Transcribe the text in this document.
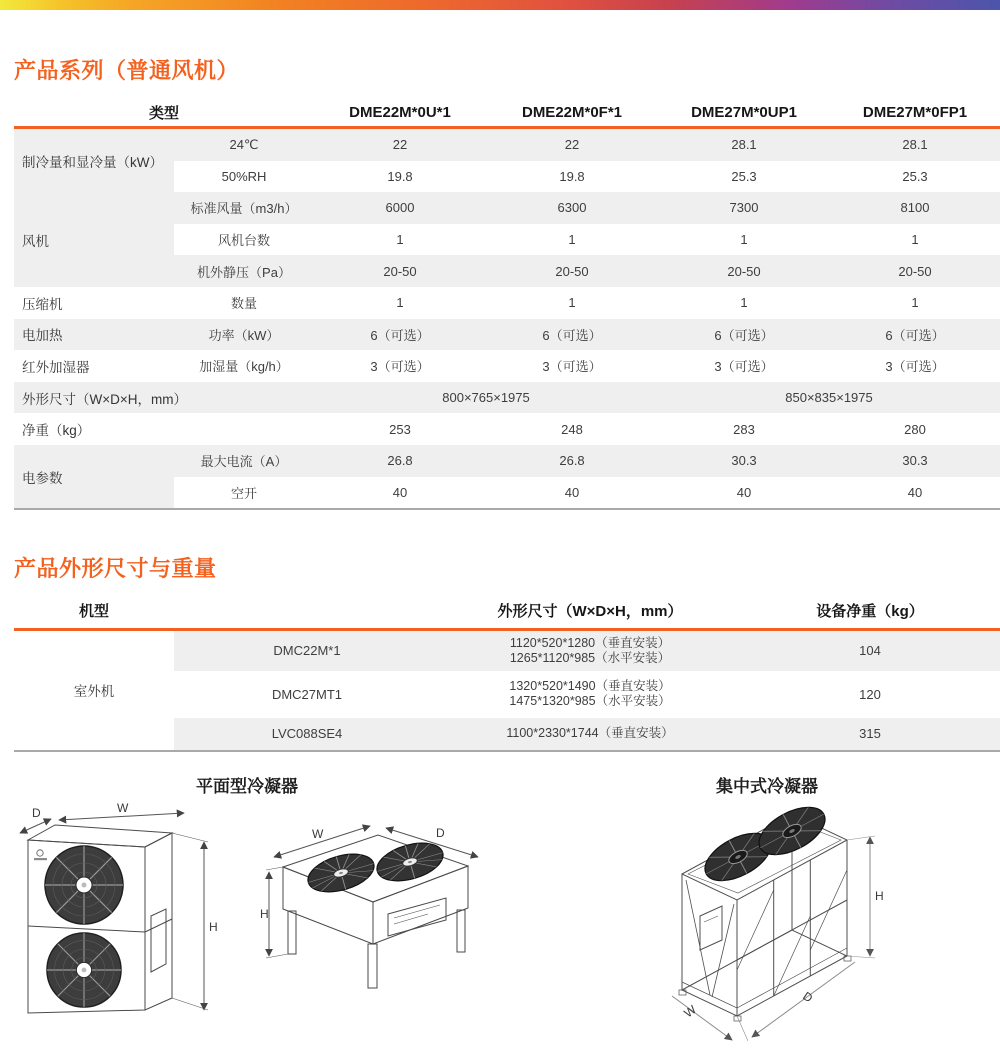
产品系列（普通风机）
类型		DME22M*0U*1	DME22M*0F*1	DME27M*0UP1	DME27M*0FP1
制冷量和显冷量（kW）	24℃	22	22	28.1	28.1
	50%RH	19.8	19.8	25.3	25.3
风机	标准风量（m3/h）	6000	6300	7300	8100
	风机台数	1	1	1	1
	机外静压（Pa）	20-50	20-50	20-50	20-50
压缩机	数量	1	1	1	1
电加热	功率（kW）	6（可选）	6（可选）	6（可选）	6（可选）
红外加湿器	加湿量（kg/h）	3（可选）	3（可选）	3（可选）	3（可选）
外形尺寸（W×D×H，mm）		800×765×1975		850×835×1975	
净重（kg）		253	248	283	280
电参数	最大电流（A）	26.8	26.8	30.3	30.3
	空开	40	40	40	40
产品外形尺寸与重量
机型		外形尺寸（W×D×H，mm）	设备净重（kg）
室外机	DMC22M*1	1120*520*1280（垂直安装）
1265*1120*985（水平安装）	104
	DMC27MT1	1320*520*1490（垂直安装）
1475*1320*985（水平安装）	120
	LVC088SE4	1100*2330*1744（垂直安装）	315
平面型冷凝器	集中式冷凝器
D	W
H
W	D
H
H
D
W
